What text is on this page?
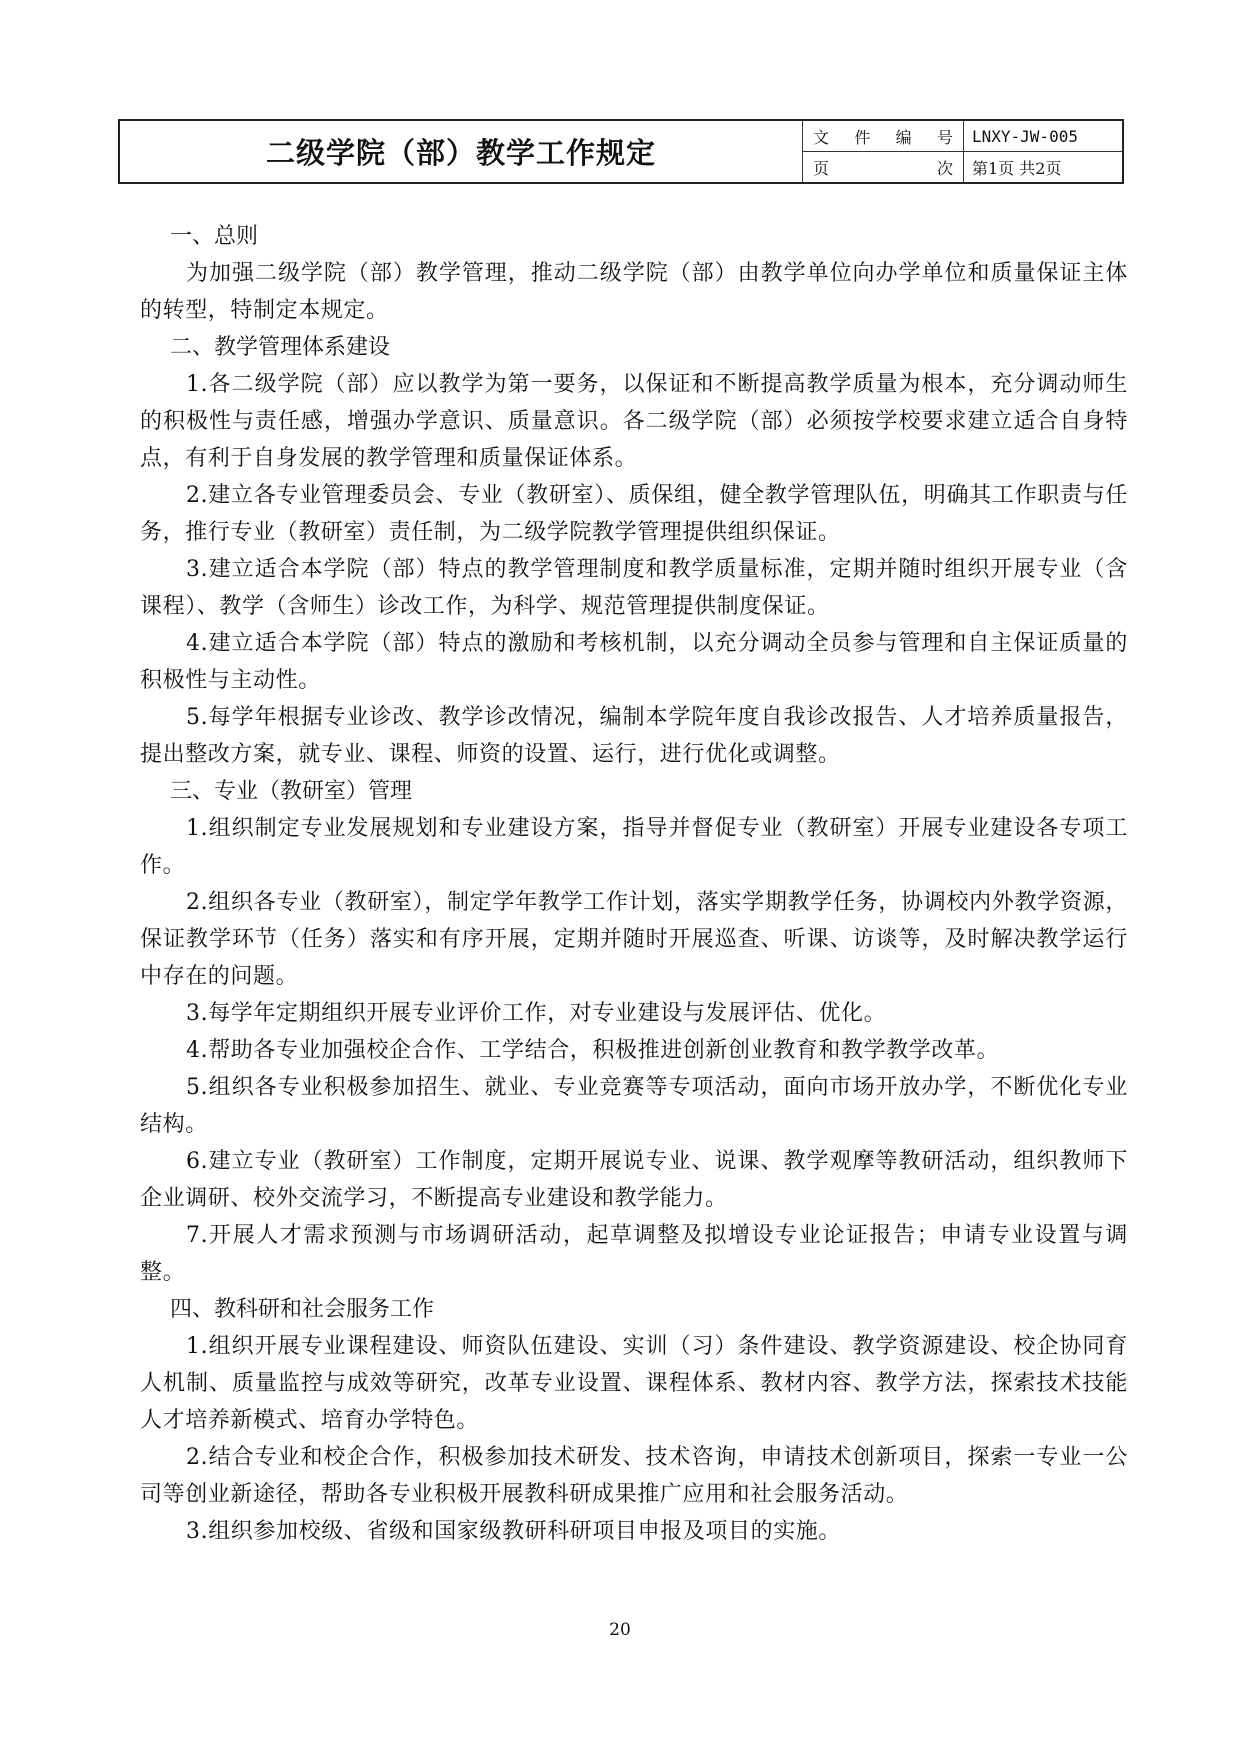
二级学院（部）教学工作规定	文 件 编 号	LNXY-JW-005

	页 次	第1页 共2页
一、总则

为加强二级学院（部）教学管理，推动二级学院（部）由教学单位向办学单位和质量保证主体的转型，特制定本规定。

二、教学管理体系建设

1.各二级学院（部）应以教学为第一要务，以保证和不断提高教学质量为根本，充分调动师生的积极性与责任感，增强办学意识、质量意识。各二级学院（部）必须按学校要求建立适合自身特点，有利于自身发展的教学管理和质量保证体系。

2.建立各专业管理委员会、专业（教研室）、质保组，健全教学管理队伍，明确其工作职责与任务，推行专业（教研室）责任制，为二级学院教学管理提供组织保证。

3.建立适合本学院（部）特点的教学管理制度和教学质量标准，定期并随时组织开展专业（含课程）、教学（含师生）诊改工作，为科学、规范管理提供制度保证。

4.建立适合本学院（部）特点的激励和考核机制，以充分调动全员参与管理和自主保证质量的积极性与主动性。

5.每学年根据专业诊改、教学诊改情况，编制本学院年度自我诊改报告、人才培养质量报告，提出整改方案，就专业、课程、师资的设置、运行，进行优化或调整。

三、专业（教研室）管理

1.组织制定专业发展规划和专业建设方案，指导并督促专业（教研室）开展专业建设各专项工作。

2.组织各专业（教研室），制定学年教学工作计划，落实学期教学任务，协调校内外教学资源，保证教学环节（任务）落实和有序开展，定期并随时开展巡查、听课、访谈等，及时解决教学运行中存在的问题。

3.每学年定期组织开展专业评价工作，对专业建设与发展评估、优化。

4.帮助各专业加强校企合作、工学结合，积极推进创新创业教育和教学教学改革。

5.组织各专业积极参加招生、就业、专业竞赛等专项活动，面向市场开放办学，不断优化专业结构。

6.建立专业（教研室）工作制度，定期开展说专业、说课、教学观摩等教研活动，组织教师下企业调研、校外交流学习，不断提高专业建设和教学能力。

7.开展人才需求预测与市场调研活动，起草调整及拟增设专业论证报告；申请专业设置与调整。

四、教科研和社会服务工作

1.组织开展专业课程建设、师资队伍建设、实训（习）条件建设、教学资源建设、校企协同育人机制、质量监控与成效等研究，改革专业设置、课程体系、教材内容、教学方法，探索技术技能人才培养新模式、培育办学特色。

2.结合专业和校企合作，积极参加技术研发、技术咨询，申请技术创新项目，探索一专业一公司等创业新途径，帮助各专业积极开展教科研成果推广应用和社会服务活动。

3.组织参加校级、省级和国家级教研科研项目申报及项目的实施。

20
